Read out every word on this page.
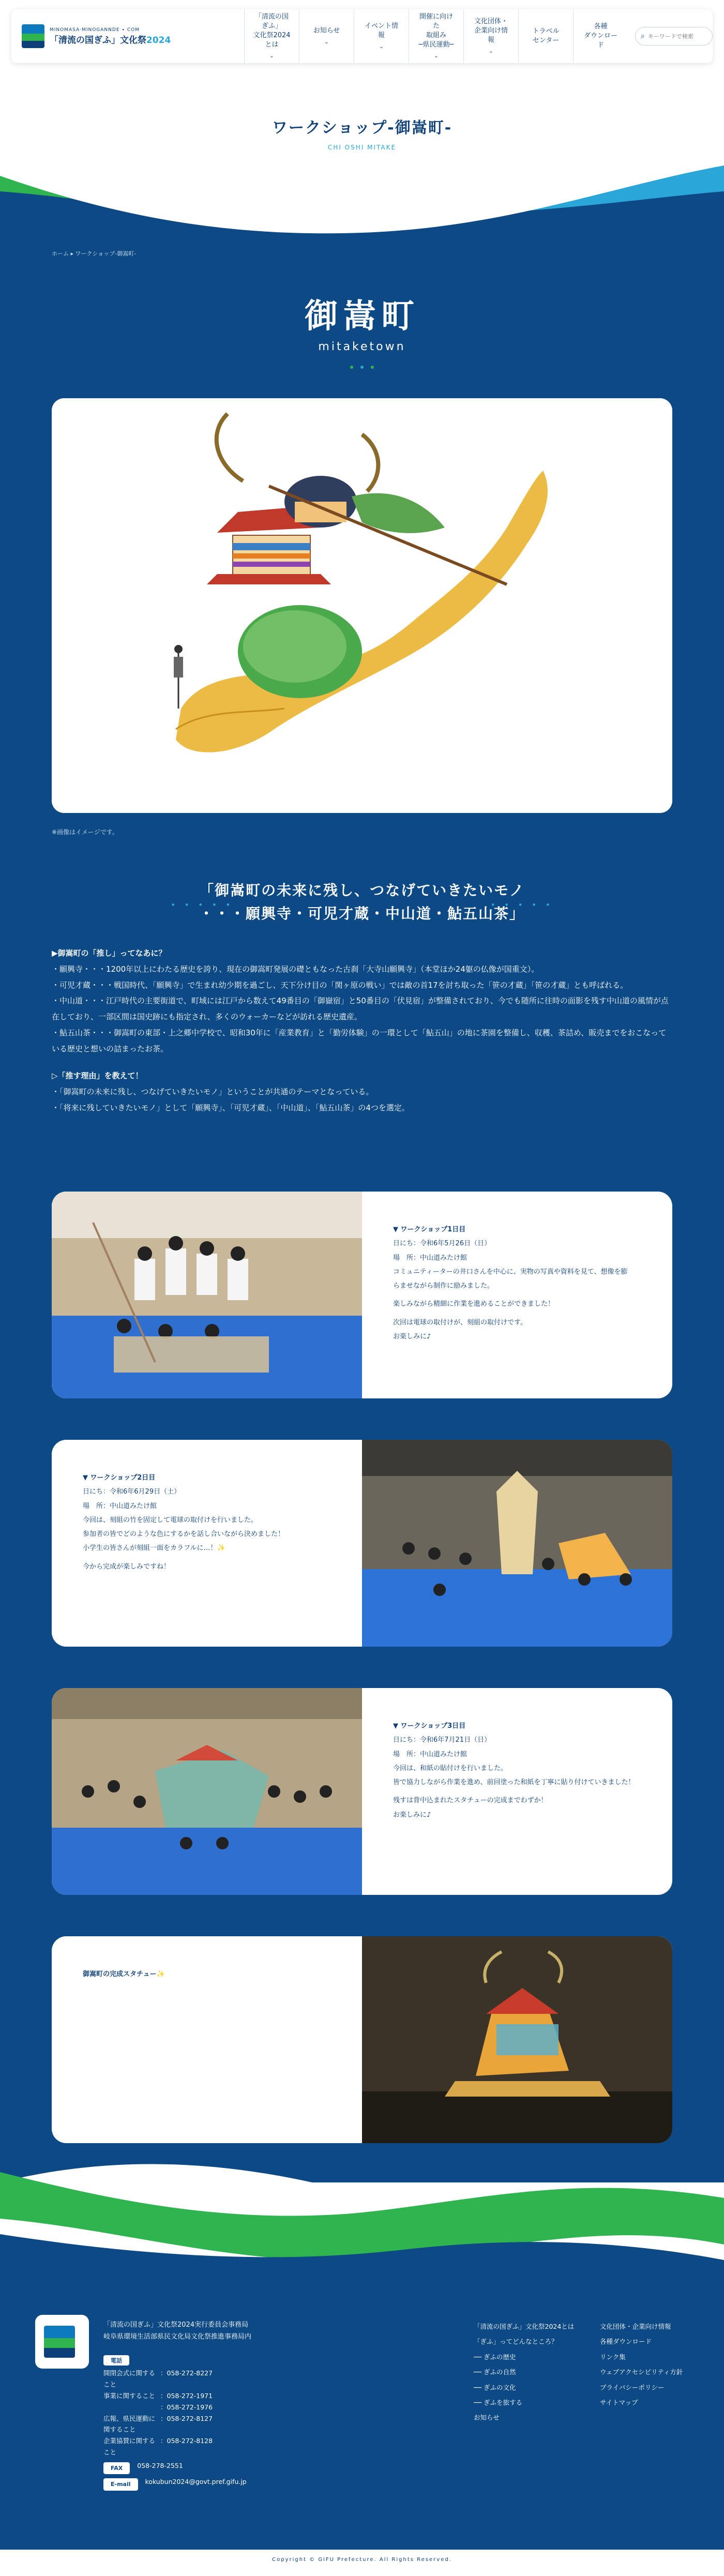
MINOMASA·MINOGANNDE ∙ COM
「清流の国ぎふ」文化祭2024
「清流の国ぎふ」
文化祭2024とは
⌄
お知らせ
⌄
イベント情報
⌄
開催に向けた
取組み
─県民運動─
⌄
文化団体・
企業向け情報
⌄
トラベル
センター
各種
ダウンロード
⌕
キーワードで検索
ワークショップ-御嵩町-
CHI OSHI MITAKE
ホーム ▸ ワークショップ-御嵩町-
御嵩町
mitaketown
※画像はイメージです。
• • • • •
「御嵩町の未来に残し、つなげていきたいモノ
・・・願興寺・可児才蔵・中山道・鮎五山茶」
• • • • •

▶御嵩町の「推し」ってなあに？

・願興寺・・・1200年以上にわたる歴史を誇り、現在の御嵩町発展の礎ともなった古刹「大寺山願興寺」（本堂ほか24躯の仏像が国重文）。

・可児才蔵・・・戦国時代、「願興寺」で生まれ幼少期を過ごし、天下分け目の「関ヶ原の戦い」では敵の首17を討ち取った「笹の才蔵」「笹の才蔵」とも呼ばれる。

・中山道・・・江戸時代の主要街道で、町域には江戸から数えて49番目の「御嶽宿」と50番目の「伏見宿」が整備されており、今でも随所に往時の面影を残す中山道の風情が点在しており、一部区間は国史跡にも指定され、多くのウォーカーなどが訪れる歴史遺産。

・鮎五山茶・・・御嵩町の東部・上之郷中学校で、昭和30年に「産業教育」と「勤労体験」の一環として「鮎五山」の地に茶園を整備し、収穫、茶詰め、販売までをおこなっている歴史と想いの詰まったお茶。

▷「推す理由」を教えて！

・「御嵩町の未来に残し、つなげていきたいモノ」ということが共通のテーマとなっている。

・「将来に残していきたいモノ」として「願興寺」、「可児才蔵」、「中山道」、「鮎五山茶」の4つを選定。

▼ ワークショップ1日目
日にち：令和6年5月26日（日）
場　所：中山道みたけ館
コミュニティーターの井口さんを中心に、実物の写真や資料を見て、想像を膨
らませながら制作に励みました。
楽しみながら精細に作業を進めることができました！
次回は電球の取付けが、刻組の取付けです。
お楽しみに♪
▼ ワークショップ2日目
日にち：令和6年6月29日（土）
場　所：中山道みたけ館
今回は、刻組の竹を固定して電球の取付けを行いました。
参加者の皆でどのような色にするかを話し合いながら決めました！
小学生の皆さんが刻組一面をカラフルに…！✨
今から完成が楽しみですね！
▼ ワークショップ3日目
日にち：令和6年7月21日（日）
場　所：中山道みたけ館
今回は、和紙の貼付けを行いました。
皆で協力しながら作業を進め、前回塗った和紙を丁寧に貼り付けていきました！
残すは背中込まれたスタチューの完成までわずか！
お楽しみに♪
御嵩町の完成スタチュー✨
「清流の国ぎふ」文化祭2024実行委員会事務局
岐阜県環境生活部県民文化局文化祭推進事務局内
電話
開閉会式に関すること
：058-272-8227
事業に関すること ：058-272-1971
：058-272-1976
広報、県民運動に関すること
：058-272-8127
企業協賛に関すること
：058-272-8128
FAX	058-278-2551
E-mail	kokubun2024@govt.pref.gifu.jp
「清流の国ぎふ」文化祭2024とは
「ぎふ」ってどんなところ？
── ぎふの歴史
── ぎふの自然
── ぎふの文化
── ぎふを旅する
お知らせ
文化団体・企業向け情報
各種ダウンロード
リンク集
ウェブアクセシビリティ方針
プライバシーポリシー
サイトマップ
Copyright © GiFU Prefecture. All Rights Reserved.
